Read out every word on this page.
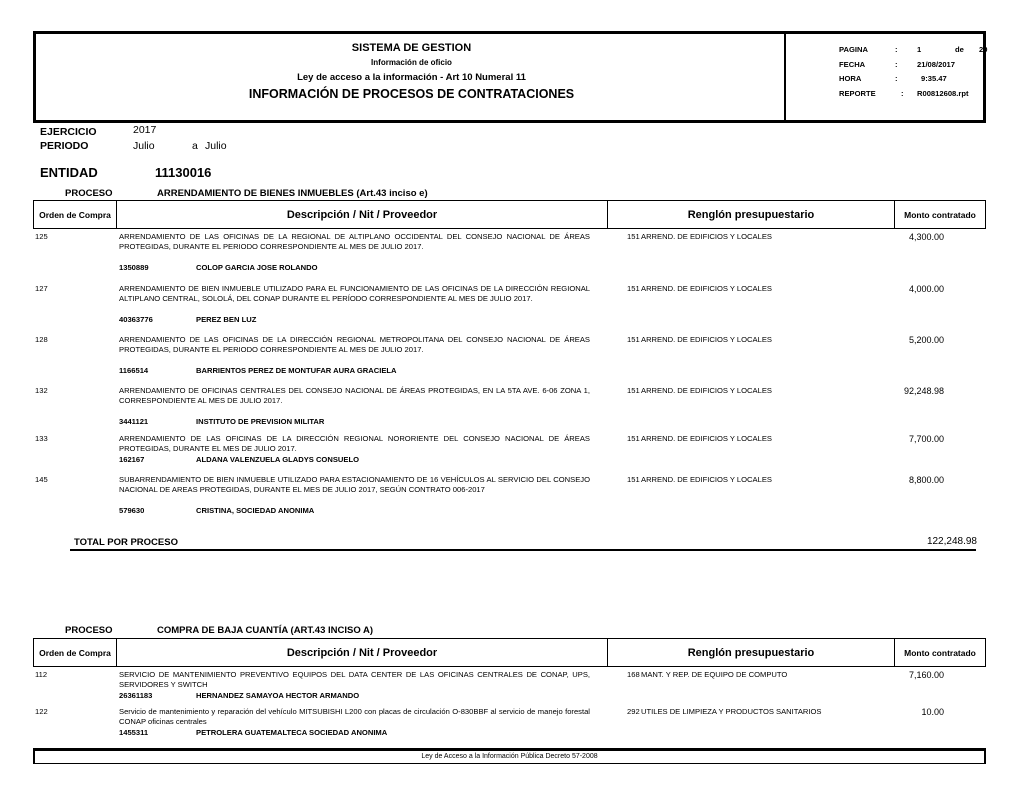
SISTEMA DE GESTION
Información de oficio
Ley de acceso a la información - Art 10 Numeral 11
INFORMACIÓN DE PROCESOS DE CONTRATACIONES
PAGINA	:	1	de 20
FECHA	:	21/08/2017
HORA	:	9:35.47
REPORTE	: R00812608.rpt
EJERCICIO	2017
PERIODO	Julio	a Julio
ENTIDAD	11130016
PROCESO	ARRENDAMIENTO DE BIENES INMUEBLES (Art.43 inciso e)
Orden de Compra	Descripción / Nit / Proveedor	Renglón presupuestario	Monto contratado
125	ARRENDAMIENTO DE LAS OFICINAS DE LA REGIONAL DE ALTIPLANO OCCIDENTAL DEL CONSEJO NACIONAL DE ÁREAS PROTEGIDAS, DURANTE EL PERIODO CORRESPONDIENTE AL MES DE JULIO 2017.
1350889	COLOP GARCIA JOSE ROLANDO
151 ARREND. DE EDIFICIOS Y LOCALES	4,300.00
127	ARRENDAMIENTO DE BIEN INMUEBLE UTILIZADO PARA EL FUNCIONAMIENTO DE LAS OFICINAS DE LA DIRECCIÓN REGIONAL ALTIPLANO CENTRAL, SOLOLÁ, DEL CONAP DURANTE EL PERÍODO CORRESPONDIENTE AL MES DE JULIO 2017.
40363776	PEREZ BEN LUZ
151 ARREND. DE EDIFICIOS Y LOCALES	4,000.00
128	ARRENDAMIENTO DE LAS OFICINAS DE LA DIRECCIÓN REGIONAL METROPOLITANA DEL CONSEJO NACIONAL DE ÁREAS PROTEGIDAS, DURANTE EL PERIODO CORRESPONDIENTE AL MES DE JULIO 2017.
1166514	BARRIENTOS PEREZ DE MONTUFAR AURA GRACIELA
151 ARREND. DE EDIFICIOS Y LOCALES	5,200.00
132	ARRENDAMIENTO DE OFICINAS CENTRALES DEL CONSEJO NACIONAL DE ÁREAS PROTEGIDAS, EN LA 5TA AVE. 6-06 ZONA 1, CORRESPONDIENTE AL MES DE JULIO 2017.
3441121	INSTITUTO DE PREVISION MILITAR
151 ARREND. DE EDIFICIOS Y LOCALES	92,248.98
133	ARRENDAMIENTO DE LAS OFICINAS DE LA DIRECCIÓN REGIONAL NORORIENTE DEL CONSEJO NACIONAL DE ÁREAS PROTEGIDAS, DURANTE EL MES DE JULIO 2017.
162167	ALDANA VALENZUELA GLADYS CONSUELO
151 ARREND. DE EDIFICIOS Y LOCALES	7,700.00
145	SUBARRENDAMIENTO DE BIEN INMUEBLE UTILIZADO PARA ESTACIONAMIENTO DE 16 VEHÍCULOS AL SERVICIO DEL CONSEJO NACIONAL DE AREAS PROTEGIDAS, DURANTE EL MES DE JULIO 2017, SEGÚN CONTRATO 006-2017
579630	CRISTINA, SOCIEDAD ANONIMA
151 ARREND. DE EDIFICIOS Y LOCALES	8,800.00
TOTAL POR PROCESO	122,248.98
PROCESO	COMPRA DE BAJA CUANTÍA (ART.43 INCISO A)
Orden de Compra	Descripción / Nit / Proveedor	Renglón presupuestario	Monto contratado
112	SERVICIO DE MANTENIMIENTO PREVENTIVO EQUIPOS DEL DATA CENTER DE LAS OFICINAS CENTRALES DE CONAP, UPS, SERVIDORES Y SWITCH
26361183	HERNANDEZ SAMAYOA HECTOR ARMANDO
168 MANT. Y REP. DE EQUIPO DE COMPUTO	7,160.00
122	Servicio de mantenimiento y reparación del vehículo MITSUBISHI L200 con placas de circulación O-830BBF al servicio de manejo forestal CONAP oficinas centrales
1455311	PETROLERA GUATEMALTECA SOCIEDAD ANONIMA
292 UTILES DE LIMPIEZA Y PRODUCTOS SANITARIOS	10.00
Ley de Acceso a la Información Pública Decreto 57-2008
